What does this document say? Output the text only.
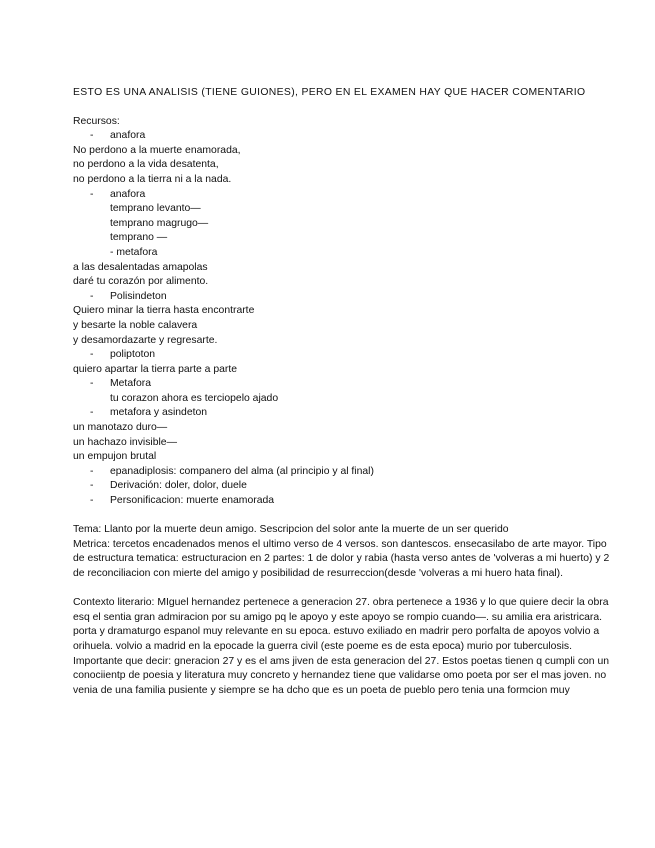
ESTO ES UNA ANALISIS (TIENE GUIONES), PERO EN EL EXAMEN HAY QUE HACER COMENTARIO
Recursos:
- anafora
No perdono a la muerte enamorada,
no perdono a la vida desatenta,
no perdono a la tierra ni a la nada.
- anafora
temprano levanto—
temprano magrugo—
temprano —
- metafora
a las desalentadas amapolas
daré tu corazón por alimento.
- Polisindeton
Quiero minar la tierra hasta encontrarte
y besarte la noble calavera
y desamordazarte y regresarte.
- poliptoton
quiero apartar la tierra parte a parte
- Metafora
tu corazon ahora es terciopelo ajado
- metafora y asindeton
un manotazo duro—
un hachazo invisible—
un empujon brutal
- epanadiplosis: companero del alma (al principio y al final)
- Derivación: doler, dolor, duele
- Personificacion: muerte enamorada
Tema: Llanto por la muerte deun amigo. Sescripcion del solor ante la muerte de un ser querido
Metrica: tercetos encadenados menos el ultimo verso de 4 versos. son dantescos. ensecasilabo de arte mayor. Tipo de estructura tematica: estructuracion en 2 partes: 1 de dolor y rabia (hasta verso antes de 'volveras a mi huerto) y 2 de reconciliacion con mierte del amigo y posibilidad de resurreccion(desde 'volveras a mi huero hata final).
Contexto literario: MIguel hernandez pertenece a generacion 27. obra pertenece a 1936 y lo que quiere decir la obra esq el sentia gran admiracion por su amigo pq le apoyo y este apoyo se rompio cuando—. su amilia era aristricara. porta y dramaturgo espanol muy relevante en su epoca. estuvo exiliado en madrir pero porfalta de apoyos volvio a orihuela. volvio a madrid en la epocade la guerra civil (este poeme es de esta epoca) murio por tuberculosis. Importante que decir: gneracion 27 y es el ams jiven de esta generacion del 27. Estos poetas tienen q cumpli con un conociientp de poesia y literatura muy concreto y hernandez tiene que validarse omo poeta por ser el mas joven. no venia de una familia pusiente y siempre se ha dcho que es un poeta de pueblo pero tenia una formcion muy
